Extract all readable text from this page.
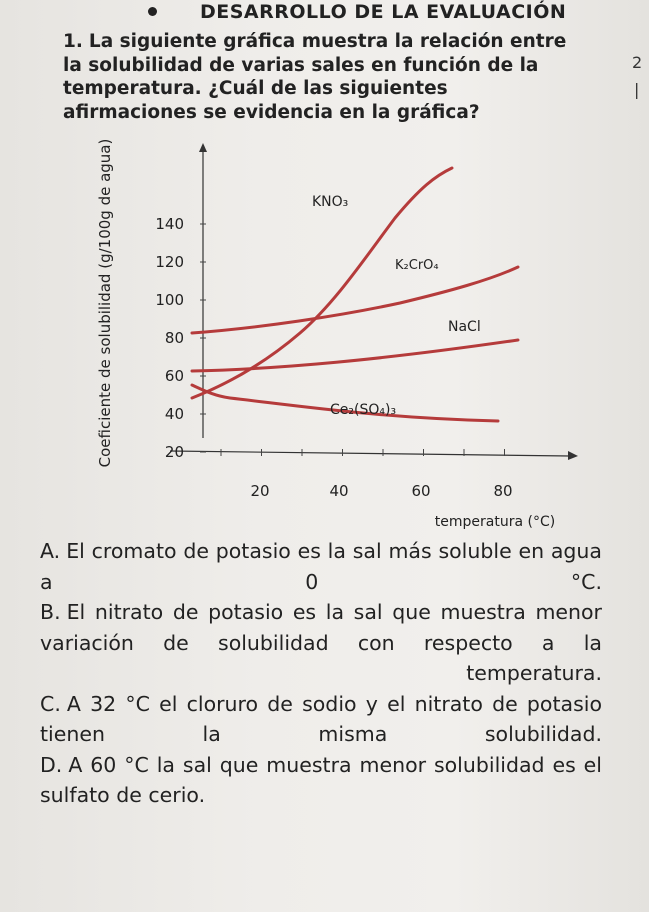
DESARROLLO DE LA EVALUACIÓN
1. La siguiente gráfica muestra la relación entre la solubilidad de varias sales en función de la temperatura. ¿Cuál de las siguientes afirmaciones se evidencia en la gráfica?
2
|
20
40
60
80
100
120
140
20	40	60	80
KNO₃
K₂CrO₄
NaCl
Ce₂(SO₄)₃
Coeficiente de solubilidad (g/100g de agua)
temperatura (°C)
A. El cromato de potasio es la sal más soluble en agua a 0 °C.
B. El nitrato de potasio es la sal que muestra menor variación de solubilidad con respecto a la temperatura.
C. A 32 °C el cloruro de sodio y el nitrato de potasio tienen la misma solubilidad.
D. A 60 °C la sal que muestra menor solubilidad es el sulfato de cerio.
